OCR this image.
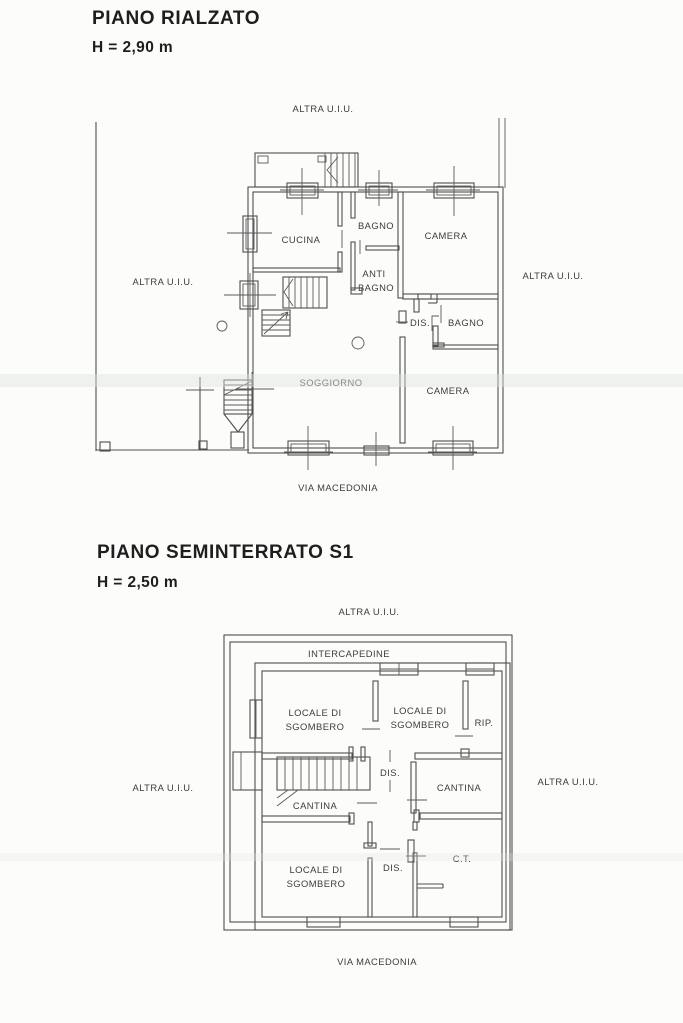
PIANO RIALZATO
H = 2,90 m
PIANO SEMINTERRATO S1
H = 2,50 m
ALTRA U.I.U.
ALTRA U.I.U.
ALTRA U.I.U.
CUCINA
BAGNO
CAMERA
ANTI
BAGNO
DIS. BAGNO
SOGGIORNO
CAMERA
VIA MACEDONIA
ALTRA U.I.U.
ALTRA U.I.U.
ALTRA U.I.U.
INTERCAPEDINE
LOCALE DI
SGOMBERO
LOCALE DI
SGOMBERO	RIP.
DIS.
CANTINA
CANTINA
LOCALE DI
SGOMBERO
DIS.
C.T.
VIA MACEDONIA
